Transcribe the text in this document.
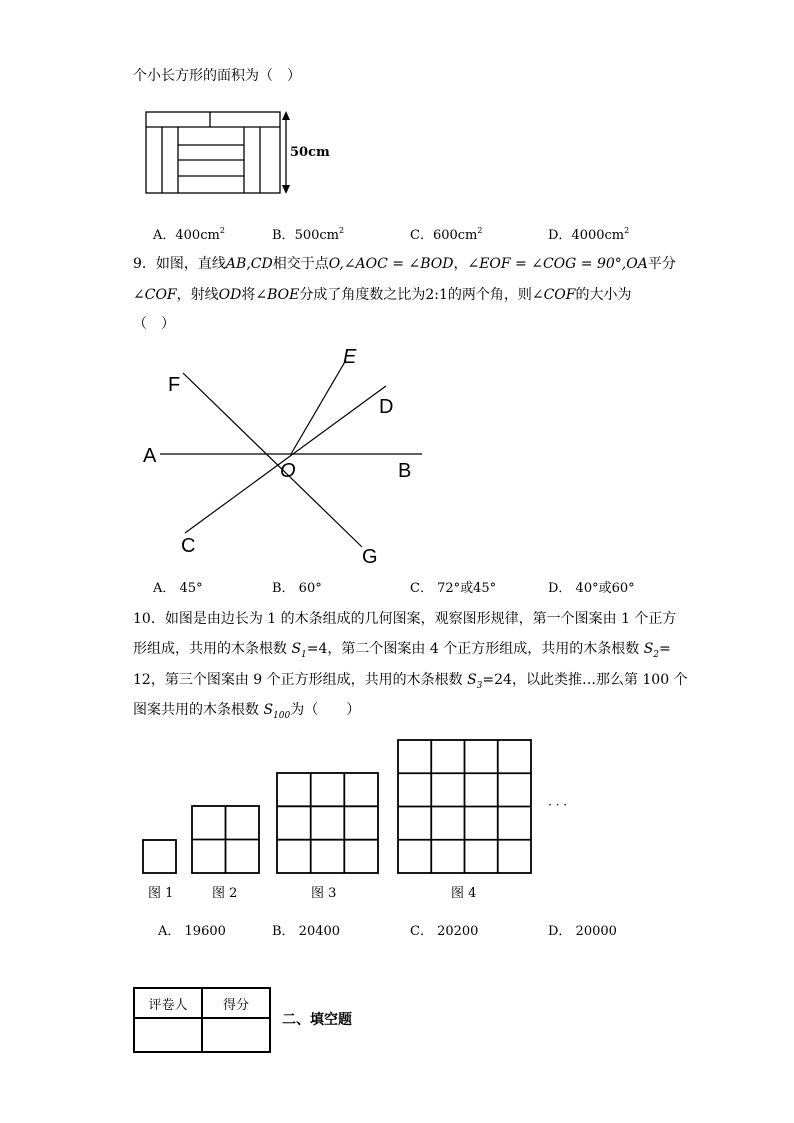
个小长方形的面积为（　）
50cm
A．$400cm^2$	B．$500cm^2$	C．$600cm^2$	D．$4000cm^2$
9．如图，直线AB,CD相交于点O,∠AOC = ∠BOD，∠EOF = ∠COG = 90°,OA平分
∠COF，射线OD将∠BOE分成了角度数之比为2:1的两个角，则∠COF的大小为
（　）
E
F
D
A
O	B
C	G
A． 45°	B． 60°	C． 72°或45°	D． 40°或60°
10．如图是由边长为 1 的木条组成的几何图案，观察图形规律，第一个图案由 1 个正方
形组成，共用的木条根数 $S_1=4$，第二个图案由 4 个正方形组成，共用的木条根数 $S_2=$
12，第三个图案由 9 个正方形组成，共用的木条根数 $S_3=24$，以此类推…那么第 100 个
图案共用的木条根数 $S_{100}$为（　　）
· · ·
图 1	图 2	图 3	图 4
A． 19600	B． 20400	C． 20200	D． 20000
评卷人	得分

二、填空题
